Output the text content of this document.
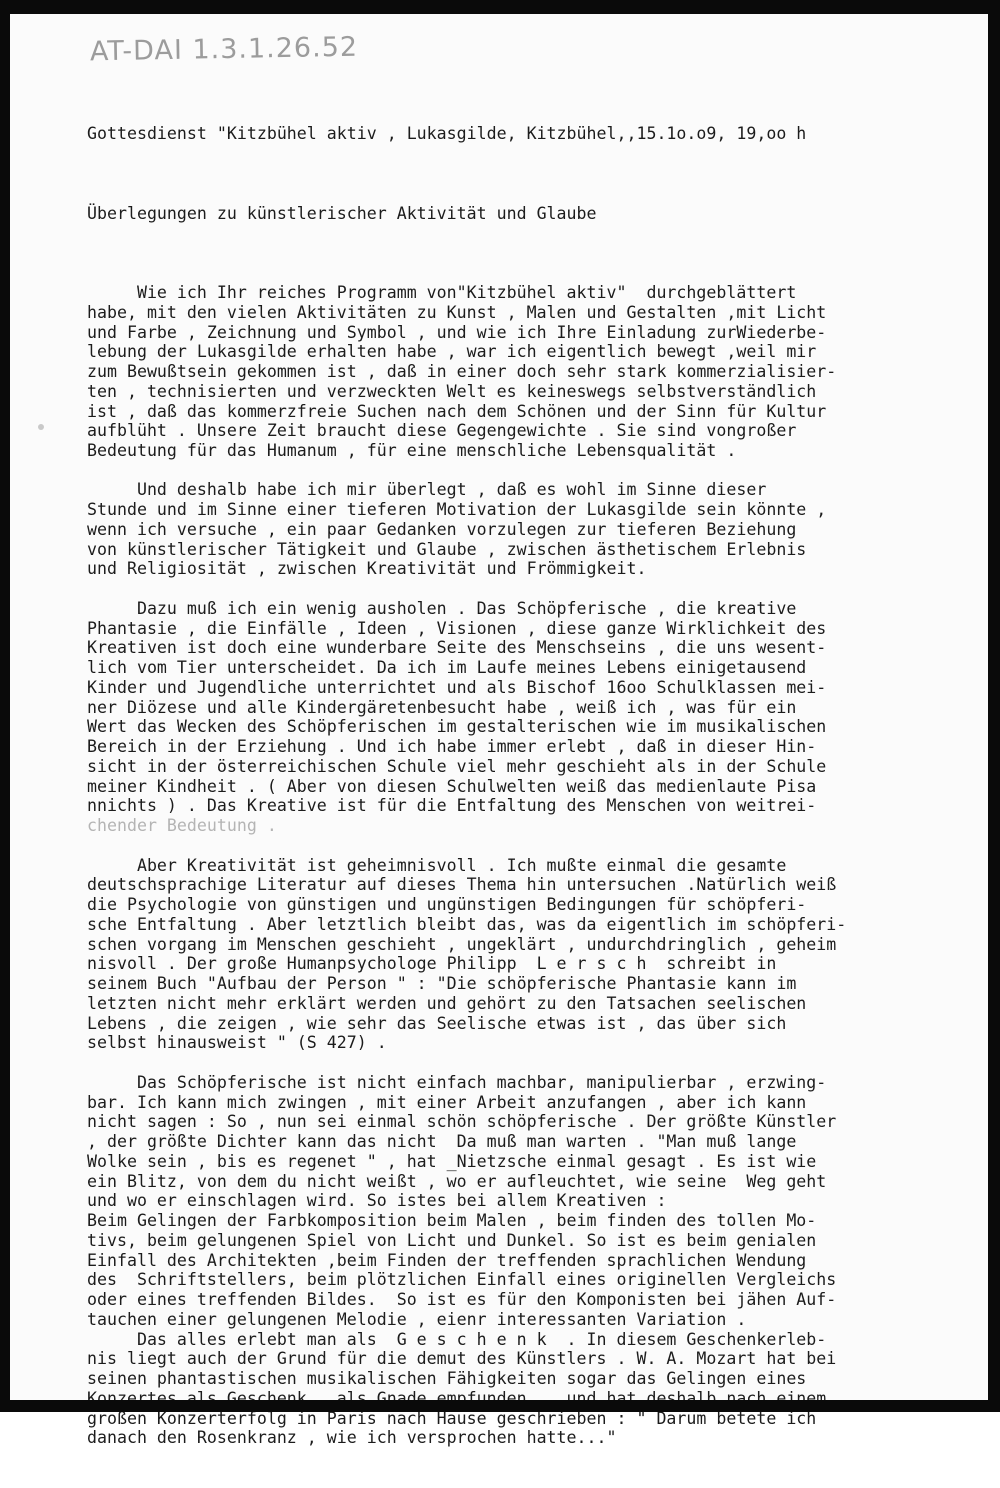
AT-DAI 1.3.1.26.52

Gottesdienst "Kitzbühel aktiv , Lukasgilde, Kitzbühel,,15.1o.o9, 19,oo h

Überlegungen zu künstlerischer Aktivität und Glaube

Wie ich Ihr reiches Programm von"Kitzbühel aktiv"  durchgeblättert
habe, mit den vielen Aktivitäten zu Kunst , Malen und Gestalten ,mit Licht
und Farbe , Zeichnung und Symbol , und wie ich Ihre Einladung zurWiederbe-
lebung der Lukasgilde erhalten habe , war ich eigentlich bewegt ,weil mir
zum Bewußtsein gekommen ist , daß in einer doch sehr stark kommerzialisier-
ten , technisierten und verzweckten Welt es keineswegs selbstverständlich
ist , daß das kommerzfreie Suchen nach dem Schönen und der Sinn für Kultur
aufblüht . Unsere Zeit braucht diese Gegengewichte . Sie sind vongroßer
Bedeutung für das Humanum , für eine menschliche Lebensqualität .
Und deshalb habe ich mir überlegt , daß es wohl im Sinne dieser
Stunde und im Sinne einer tieferen Motivation der Lukasgilde sein könnte ,
wenn ich versuche , ein paar Gedanken vorzulegen zur tieferen Beziehung
von künstlerischer Tätigkeit und Glaube , zwischen ästhetischem Erlebnis
und Religiosität , zwischen Kreativität und Frömmigkeit.
Dazu muß ich ein wenig ausholen . Das Schöpferische , die kreative
Phantasie , die Einfälle , Ideen , Visionen , diese ganze Wirklichkeit des
Kreativen ist doch eine wunderbare Seite des Menschseins , die uns wesent-
lich vom Tier unterscheidet. Da ich im Laufe meines Lebens einigetausend
Kinder und Jugendliche unterrichtet und als Bischof 16oo Schulklassen mei-
ner Diözese und alle Kindergäretenbesucht habe , weiß ich , was für ein
Wert das Wecken des Schöpferischen im gestalterischen wie im musikalischen
Bereich in der Erziehung . Und ich habe immer erlebt , daß in dieser Hin-
sicht in der österreichischen Schule viel mehr geschieht als in der Schule
meiner Kindheit . ( Aber von diesen Schulwelten weiß das medienlaute Pisa
nnichts ) . Das Kreative ist für die Entfaltung des Menschen von weitrei-
chender Bedeutung .
Aber Kreativität ist geheimnisvoll . Ich mußte einmal die gesamte
deutschsprachige Literatur auf dieses Thema hin untersuchen .Natürlich weiß
die Psychologie von günstigen und ungünstigen Bedingungen für schöpferi-
sche Entfaltung . Aber letztlich bleibt das, was da eigentlich im schöpferi-
schen vorgang im Menschen geschieht , ungeklärt , undurchdringlich , geheim
nisvoll . Der große Humanpsychologe Philipp  L e r s c h  schreibt in
seinem Buch "Aufbau der Person " : "Die schöpferische Phantasie kann im
letzten nicht mehr erklärt werden und gehört zu den Tatsachen seelischen
Lebens , die zeigen , wie sehr das Seelische etwas ist , das über sich
selbst hinausweist " (S 427) .
Das Schöpferische ist nicht einfach machbar, manipulierbar , erzwing-
bar. Ich kann mich zwingen , mit einer Arbeit anzufangen , aber ich kann
nicht sagen : So , nun sei einmal schön schöpferische . Der größte Künstler
, der größte Dichter kann das nicht  Da muß man warten . "Man muß lange
Wolke sein , bis es regenet " , hat _Nietzsche einmal gesagt . Es ist wie
ein Blitz, von dem du nicht weißt , wo er aufleuchtet, wie seine  Weg geht
und wo er einschlagen wird. So istes bei allem Kreativen :
Beim Gelingen der Farbkomposition beim Malen , beim finden des tollen Mo-
tivs, beim gelungenen Spiel von Licht und Dunkel. So ist es beim genialen
Einfall des Architekten ,beim Finden der treffenden sprachlichen Wendung
des  Schriftstellers, beim plötzlichen Einfall eines originellen Vergleichs
oder eines treffenden Bildes.  So ist es für den Komponisten bei jähen Auf-
tauchen einer gelungenen Melodie , eienr interessanten Variation .
Das alles erlebt man als  G e s c h e n k  . In diesem Geschenkerleb-
nis liegt auch der Grund für die demut des Künstlers . W. A. Mozart hat bei
seinen phantastischen musikalischen Fähigkeiten sogar das Gelingen eines
Konzertes als Geschenk , als Gnade empfunden  , und hat deshalb nach einem
großen Konzerterfolg in Paris nach Hause geschrieben : " Darum betete ich
danach den Rosenkranz , wie ich versprochen hatte..."
